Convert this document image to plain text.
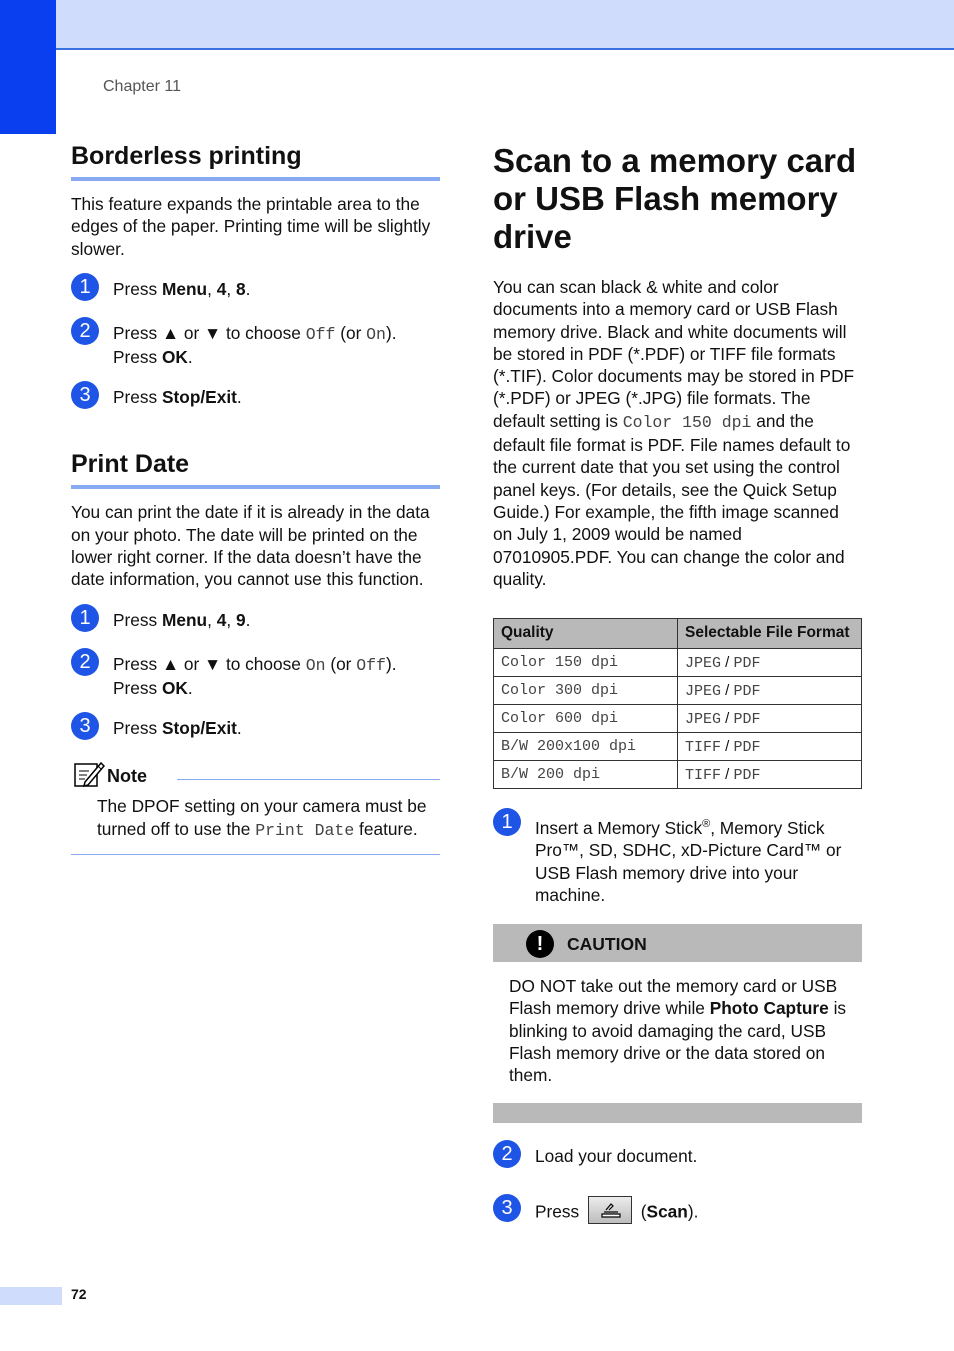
Chapter 11
Borderless printing
This feature expands the printable area to the edges of the paper. Printing time will be slightly slower.
1	Press Menu, 4, 8.
2	Press ▲ or ▼ to choose Off (or On).
Press OK.
3	Press Stop/Exit.
Print Date
You can print the date if it is already in the data on your photo. The date will be printed on the lower right corner. If the data doesn’t have the date information, you cannot use this function.
1	Press Menu, 4, 9.
2	Press ▲ or ▼ to choose On (or Off).
Press OK.
3	Press Stop/Exit.
Note
The DPOF setting on your camera must be turned off to use the Print Date feature.
Scan to a memory card or USB Flash memory drive
You can scan black & white and color documents into a memory card or USB Flash memory drive. Black and white documents will be stored in PDF (*.PDF) or TIFF file formats (*.TIF). Color documents may be stored in PDF (*.PDF) or JPEG (*.JPG) file formats. The default setting is Color 150 dpi and the default file format is PDF. File names default to the current date that you set using the control panel keys. (For details, see the Quick Setup Guide.) For example, the fifth image scanned on July 1, 2009 would be named 07010905.PDF. You can change the color and quality.
Quality	Selectable File Format
Color 150 dpi	JPEG / PDF
Color 300 dpi	JPEG / PDF
Color 600 dpi	JPEG / PDF
B/W 200x100 dpi	TIFF / PDF
B/W 200 dpi	TIFF / PDF
1	Insert a Memory Stick®, Memory Stick Pro™, SD, SDHC, xD-Picture Card™ or USB Flash memory drive into your machine.
!	CAUTION
DO NOT take out the memory card or USB Flash memory drive while Photo Capture is blinking to avoid damaging the card, USB Flash memory drive or the data stored on them.
2	Load your document.
3	Press	(Scan).
72
